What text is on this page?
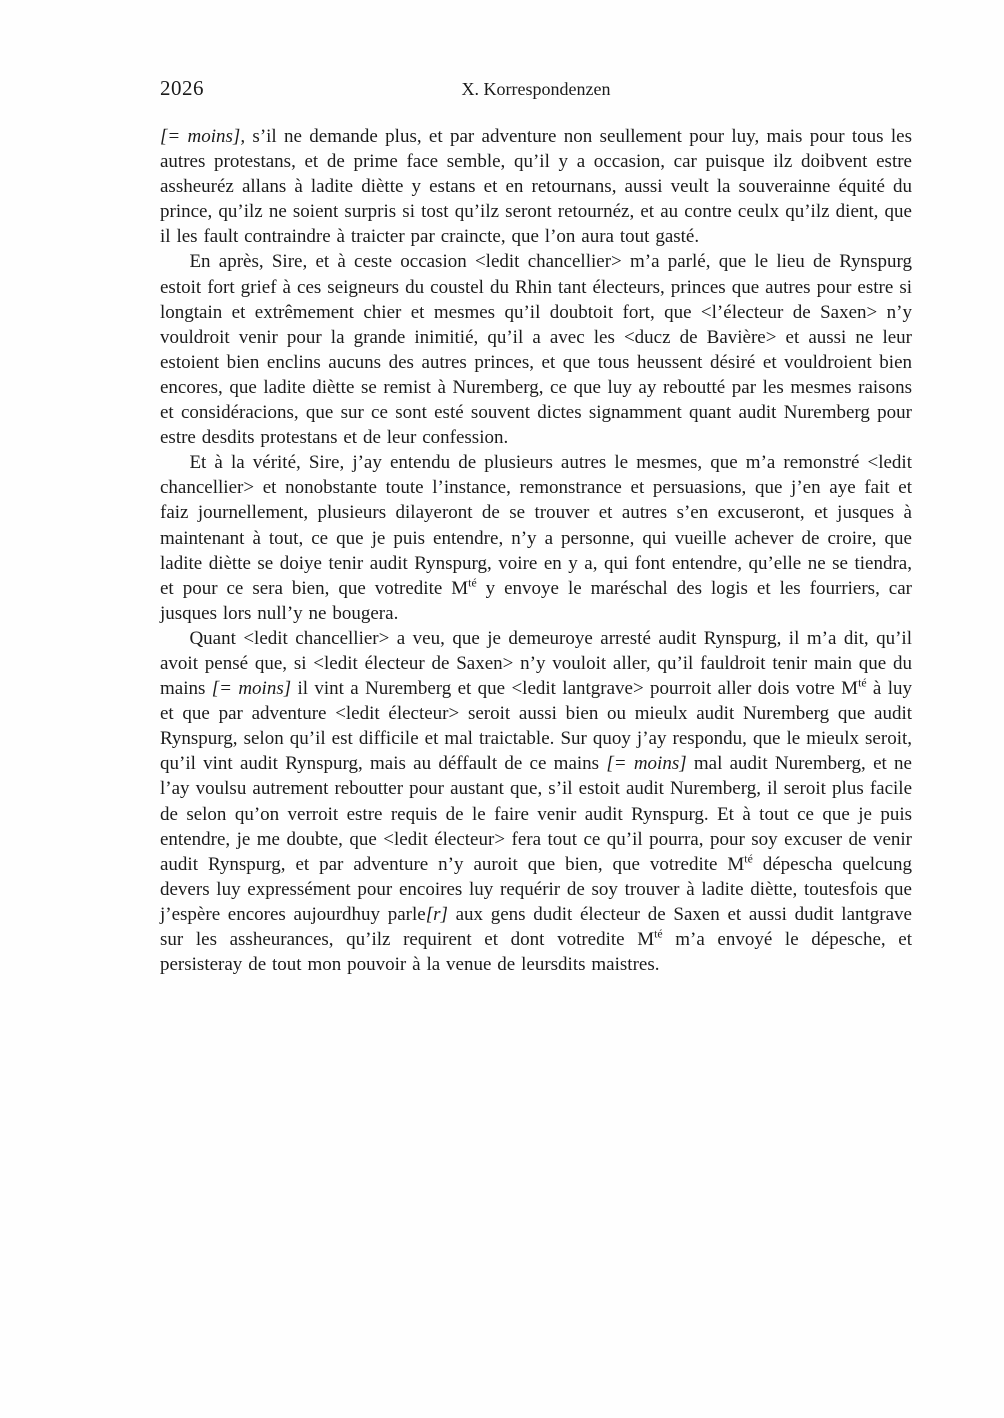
2026	X. Korrespondenzen

[= moins], s’il ne demande plus, et par adventure non seullement pour luy, mais pour tous les autres protestans, et de prime face semble, qu’il y a occasion, car puisque ilz doibvent estre assheuréz allans à ladite diètte y estans et en retournans, aussi veult la souverainne équité du prince, qu’ilz ne soient surpris si tost qu’ilz seront retournéz, et au contre ceulx qu’ilz dient, que il les fault contraindre à traicter par craincte, que l’on aura tout gasté.

En après, Sire, et à ceste occasion <ledit chancellier> m’a parlé, que le lieu de Rynspurg estoit fort grief à ces seigneurs du coustel du Rhin tant électeurs, princes que autres pour estre si longtain et extrêmement chier et mesmes qu’il doubtoit fort, que <l’électeur de Saxen> n’y vouldroit venir pour la grande inimitié, qu’il a avec les <ducz de Bavière> et aussi ne leur estoient bien enclins aucuns des autres princes, et que tous heussent désiré et vouldroient bien encores, que ladite diètte se remist à Nuremberg, ce que luy ay reboutté par les mesmes raisons et considéracions, que sur ce sont esté souvent dictes signamment quant audit Nuremberg pour estre desdits protestans et de leur confession.

Et à la vérité, Sire, j’ay entendu de plusieurs autres le mesmes, que m’a remonstré <ledit chancellier> et nonobstante toute l’instance, remonstrance et persuasions, que j’en aye fait et faiz journellement, plusieurs dilayeront de se trouver et autres s’en excuseront, et jusques à maintenant à tout, ce que je puis entendre, n’y a personne, qui vueille achever de croire, que ladite diètte se doiye tenir audit Rynspurg, voire en y a, qui font entendre, qu’elle ne se tiendra, et pour ce sera bien, que votredite $M^{té}$ y envoye le maréschal des logis et les fourriers, car jusques lors null’y ne bougera.

Quant <ledit chancellier> a veu, que je demeuroye arresté audit Rynspurg, il m’a dit, qu’il avoit pensé que, si <ledit électeur de Saxen> n’y vouloit aller, qu’il fauldroit tenir main que du mains [= moins] il vint a Nuremberg et que <ledit lantgrave> pourroit aller dois votre $M^{té}$ à luy et que par adventure <ledit électeur> seroit aussi bien ou mieulx audit Nuremberg que audit Rynspurg, selon qu’il est difficile et mal traictable. Sur quoy j’ay respondu, que le mieulx seroit, qu’il vint audit Rynspurg, mais au déffault de ce mains [= moins] mal audit Nuremberg, et ne l’ay voulsu autrement reboutter pour austant que, s’il estoit audit Nuremberg, il seroit plus facile de selon qu’on verroit estre requis de le faire venir audit Rynspurg. Et à tout ce que je puis entendre, je me doubte, que <ledit électeur> fera tout ce qu’il pourra, pour soy excuser de venir audit Rynspurg, et par adventure n’y auroit que bien, que votredite $M^{té}$ dépescha quelcung devers luy expressément pour encoires luy requérir de soy trouver à ladite diètte, toutesfois que j’espère encores aujourdhuy parle[r] aux gens dudit électeur de Saxen et aussi dudit lantgrave sur les assheurances, qu’ilz requirent et dont votredite $M^{té}$ m’a envoyé le dépesche, et persisteray de tout mon pouvoir à la venue de leursdits maistres.
